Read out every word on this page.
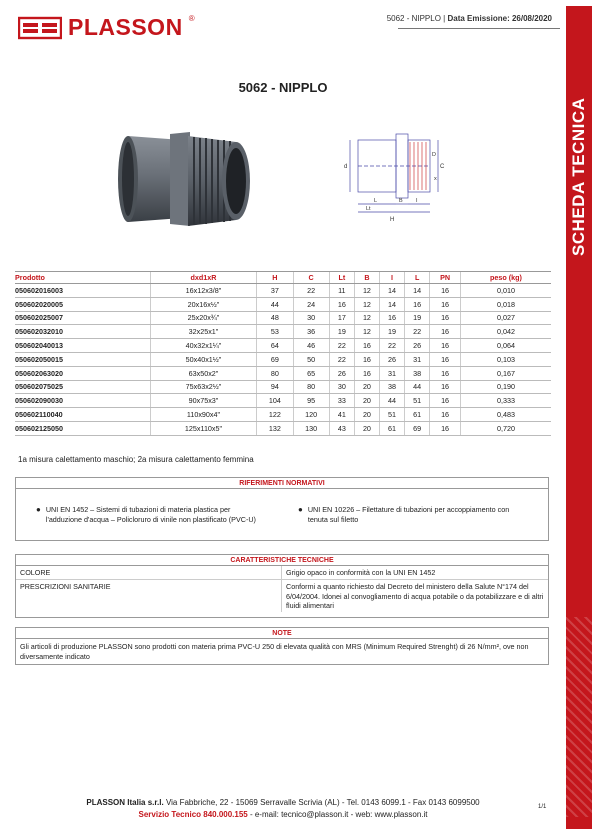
PLASSON ®	5062 - NIPPLO | Data Emissione: 26/08/2020
5062 - NIPPLO
d	C
H
L	B I
Lt
x
D
Prodotto	dxd1xR	H	C	Lt	B	I	L	PN	peso (kg)
050602016003	16x12x3/8"	37	22	11	12	14	14	16	0,010
050602020005	20x16x½"	44	24	16	12	14	16	16	0,018
050602025007	25x20x¾"	48	30	17	12	16	19	16	0,027
050602032010	32x25x1"	53	36	19	12	19	22	16	0,042
050602040013	40x32x1¼"	64	46	22	16	22	26	16	0,064
050602050015	50x40x1½"	69	50	22	16	26	31	16	0,103
050602063020	63x50x2"	80	65	26	16	31	38	16	0,167
050602075025	75x63x2½"	94	80	30	20	38	44	16	0,190
050602090030	90x75x3"	104	95	33	20	44	51	16	0,333
050602110040	110x90x4"	122	120	41	20	51	61	16	0,483
050602125050	125x110x5"	132	130	43	20	61	69	16	0,720
1a misura calettamento maschio; 2a misura calettamento femmina
RIFERIMENTI NORMATIVI
● UNI EN 1452 – Sistemi di tubazioni di materia plastica per l'adduzione d'acqua – Policloruro di vinile non plastificato (PVC-U)
● UNI EN 10226 – Filettature di tubazioni per accoppiamento con tenuta sul filetto
CARATTERISTICHE TECNICHE
COLORE	Grigio opaco in conformità con la UNI EN 1452
PRESCRIZIONI SANITARIE	Conformi a quanto richiesto dal Decreto del ministero della Salute N°174 del 6/04/2004. Idonei al convogliamento di acqua potabile o da potabilizzare e di altri fluidi alimentari
NOTE
Gli articoli di produzione PLASSON sono prodotti con materia prima PVC-U 250 di elevata qualità con MRS (Minimum Required Strenght) di 26 N/mm², ove non diversamente indicato
PLASSON Italia s.r.l. Via Fabbriche, 22 - 15069 Serravalle Scrivia (AL) - Tel. 0143 6099.1 - Fax 0143 6099500
Servizio Tecnico 840.000.155 - e-mail: tecnico@plasson.it - web: www.plasson.it
1/1
SCHEDA TECNICA
